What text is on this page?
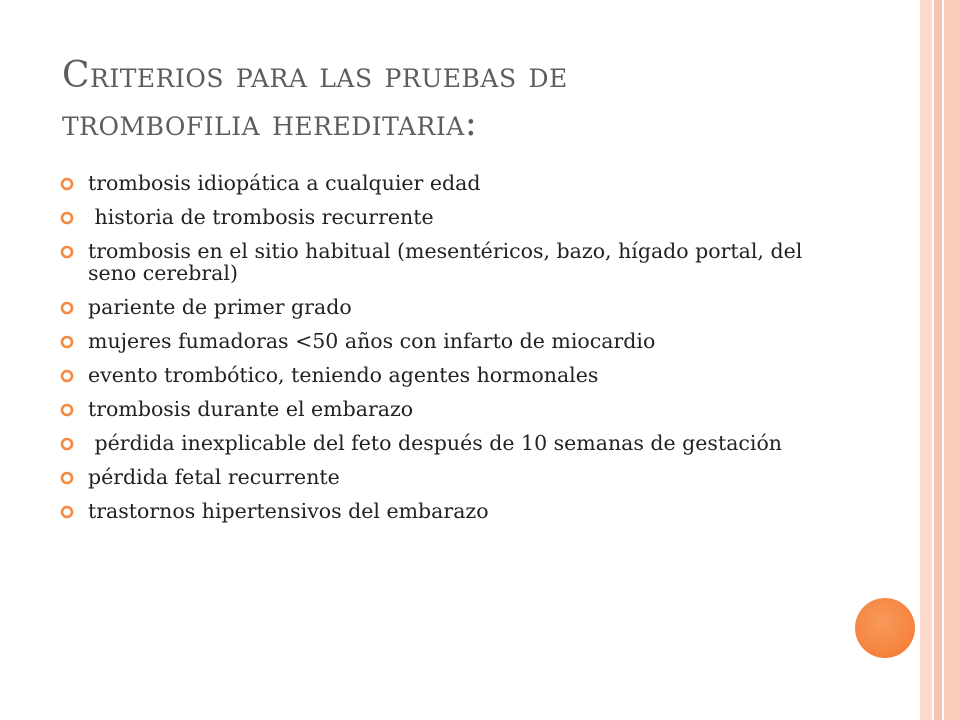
Criterios para las pruebas de
trombofilia hereditaria:
trombosis idiopática a cualquier edad
historia de trombosis recurrente
trombosis en el sitio habitual (mesentéricos, bazo, hígado portal, del seno cerebral)
pariente de primer grado
mujeres fumadoras <50 años con infarto de miocardio
evento trombótico, teniendo agentes hormonales
trombosis durante el embarazo
pérdida inexplicable del feto después de 10 semanas de gestación
pérdida fetal recurrente
trastornos hipertensivos del embarazo
